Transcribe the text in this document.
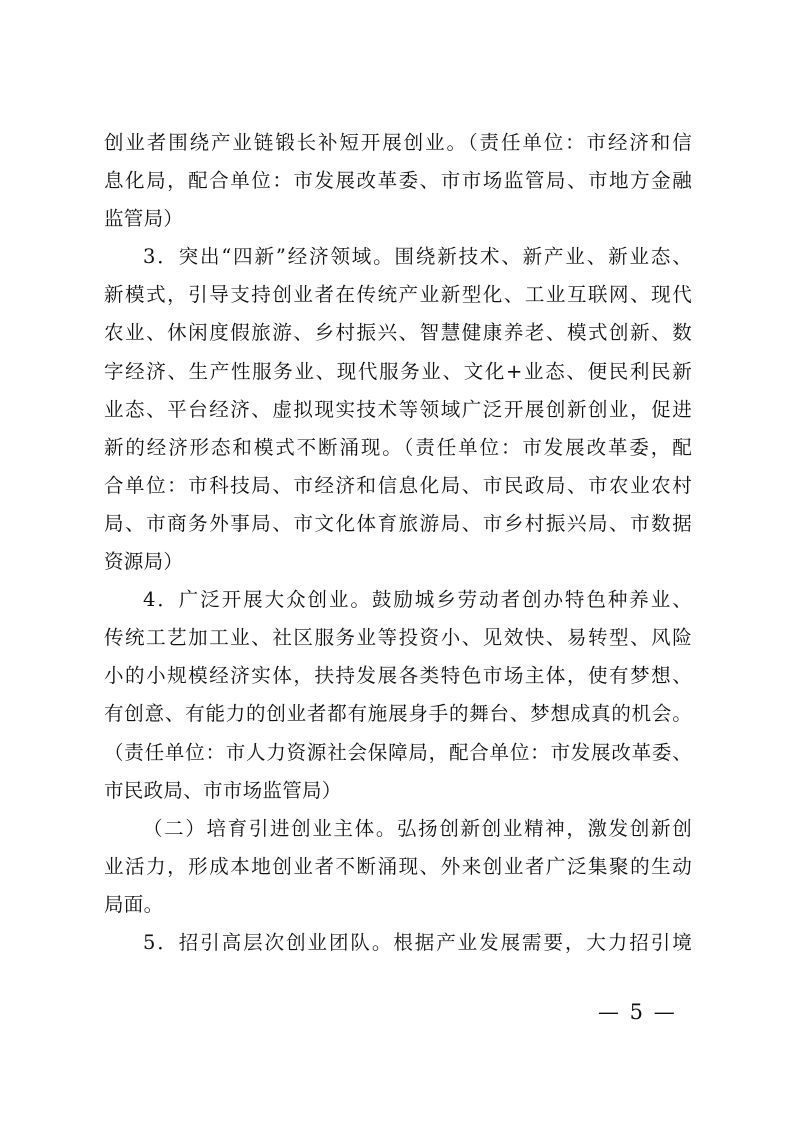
创业者围绕产业链锻长补短开展创业。（责任单位：市经济和信

息化局，配合单位：市发展改革委、市市场监管局、市地方金融

监管局）

3．突出“四新”经济领域。围绕新技术、新产业、新业态、

新模式，引导支持创业者在传统产业新型化、工业互联网、现代

农业、休闲度假旅游、乡村振兴、智慧健康养老、模式创新、数

字经济、生产性服务业、现代服务业、文化+业态、便民利民新

业态、平台经济、虚拟现实技术等领域广泛开展创新创业，促进

新的经济形态和模式不断涌现。（责任单位：市发展改革委，配

合单位：市科技局、市经济和信息化局、市民政局、市农业农村

局、市商务外事局、市文化体育旅游局、市乡村振兴局、市数据

资源局）

4．广泛开展大众创业。鼓励城乡劳动者创办特色种养业、

传统工艺加工业、社区服务业等投资小、见效快、易转型、风险

小的小规模经济实体，扶持发展各类特色市场主体，使有梦想、

有创意、有能力的创业者都有施展身手的舞台、梦想成真的机会。

（责任单位：市人力资源社会保障局，配合单位：市发展改革委、

市民政局、市市场监管局）

（二）培育引进创业主体。弘扬创新创业精神，激发创新创

业活力，形成本地创业者不断涌现、外来创业者广泛集聚的生动

局面。

5．招引高层次创业团队。根据产业发展需要，大力招引境

— 5 —
